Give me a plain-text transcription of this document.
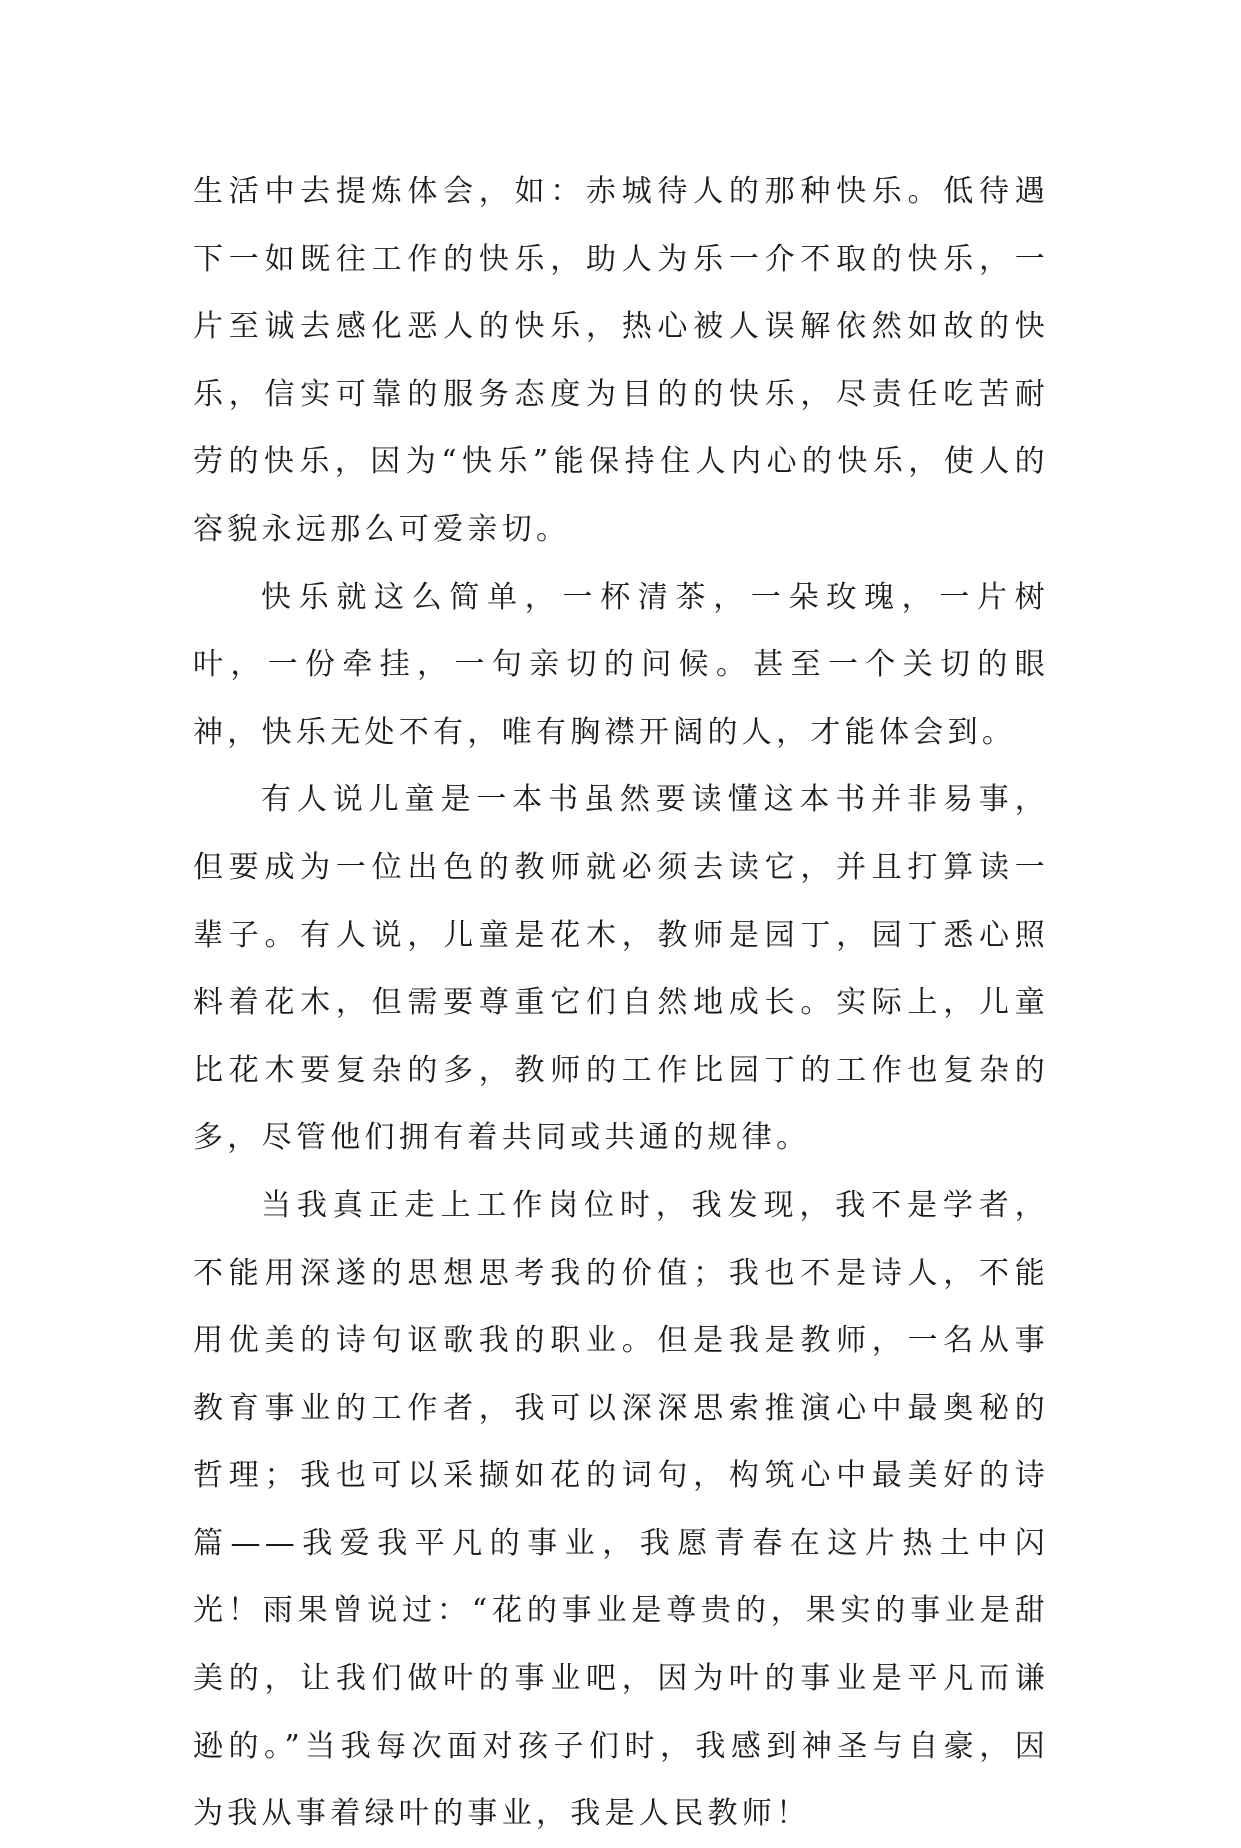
生活中去提炼体会，如：赤城待人的那种快乐。低待遇下一如既往工作的快乐，助人为乐一介不取的快乐，一片至诚去感化恶人的快乐，热心被人误解依然如故的快乐，信实可靠的服务态度为目的的快乐，尽责任吃苦耐劳的快乐，因为“快乐”能保持住人内心的快乐，使人的容貌永远那么可爱亲切。

快乐就这么简单，一杯清茶，一朵玫瑰，一片树叶，一份牵挂，一句亲切的问候。甚至一个关切的眼神，快乐无处不有，唯有胸襟开阔的人，才能体会到。

有人说儿童是一本书虽然要读懂这本书并非易事，但要成为一位出色的教师就必须去读它，并且打算读一辈子。有人说，儿童是花木，教师是园丁，园丁悉心照料着花木，但需要尊重它们自然地成长。实际上，儿童比花木要复杂的多，教师的工作比园丁的工作也复杂的多，尽管他们拥有着共同或共通的规律。

当我真正走上工作岗位时，我发现，我不是学者，不能用深遂的思想思考我的价值；我也不是诗人，不能用优美的诗句讴歌我的职业。但是我是教师，一名从事教育事业的工作者，我可以深深思索推演心中最奥秘的哲理；我也可以采撷如花的词句，构筑心中最美好的诗篇——我爱我平凡的事业，我愿青春在这片热土中闪光！雨果曾说过：“花的事业是尊贵的，果实的事业是甜美的，让我们做叶的事业吧，因为叶的事业是平凡而谦逊的。”当我每次面对孩子们时，我感到神圣与自豪，因为我从事着绿叶的事业，我是人民教师！
